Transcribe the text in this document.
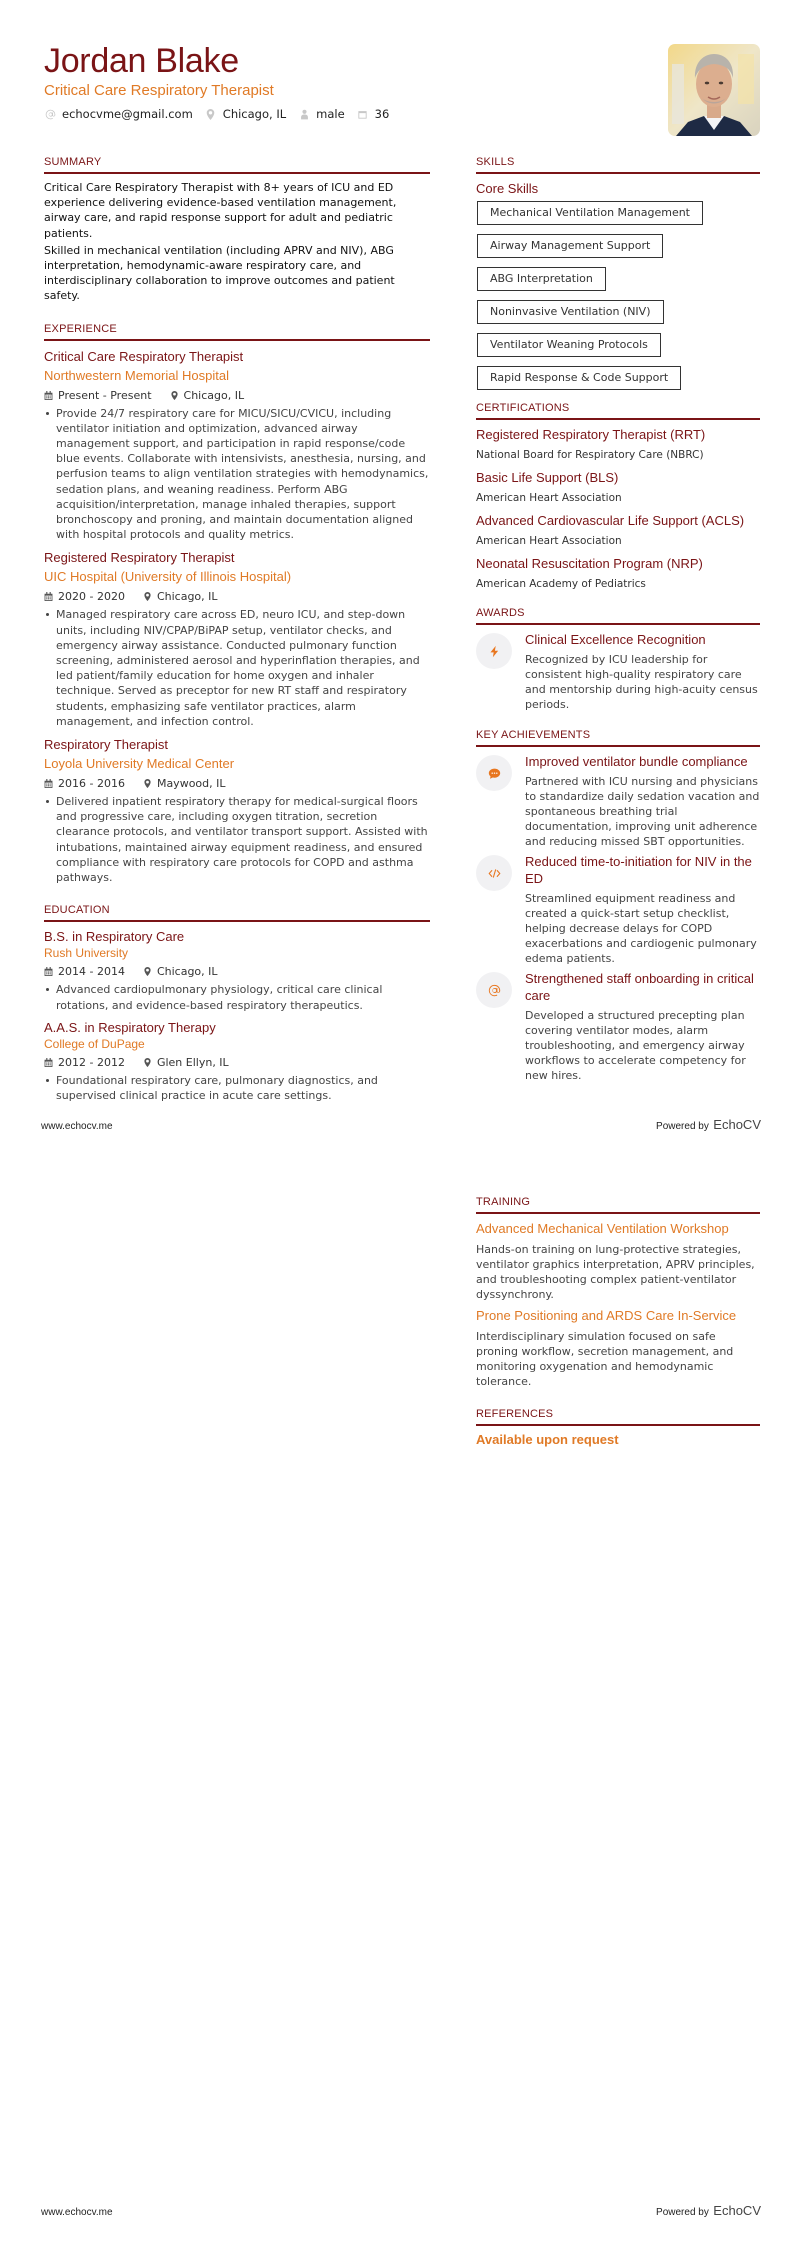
Jordan Blake
Critical Care Respiratory Therapist
echocvme@gmail.com	Chicago, IL	male	36
SUMMARY

Critical Care Respiratory Therapist with 8+ years of ICU and ED experience delivering evidence-based ventilation management, airway care, and rapid response support for adult and pediatric patients.

Skilled in mechanical ventilation (including APRV and NIV), ABG interpretation, hemodynamic-aware respiratory care, and interdisciplinary collaboration to improve outcomes and patient safety.

EXPERIENCE
Critical Care Respiratory Therapist
Northwestern Memorial Hospital
Present - Present	Chicago, IL
Provide 24/7 respiratory care for MICU/SICU/CVICU, including ventilator initiation and optimization, advanced airway management support, and participation in rapid response/code blue events. Collaborate with intensivists, anesthesia, nursing, and perfusion teams to align ventilation strategies with hemodynamics, sedation plans, and weaning readiness. Perform ABG acquisition/interpretation, manage inhaled therapies, support bronchoscopy and proning, and maintain documentation aligned with hospital protocols and quality metrics.
Registered Respiratory Therapist
UIC Hospital (University of Illinois Hospital)
2020 - 2020	Chicago, IL
Managed respiratory care across ED, neuro ICU, and step-down units, including NIV/CPAP/BiPAP setup, ventilator checks, and emergency airway assistance. Conducted pulmonary function screening, administered aerosol and hyperinflation therapies, and led patient/family education for home oxygen and inhaler technique. Served as preceptor for new RT staff and respiratory students, emphasizing safe ventilator practices, alarm management, and infection control.
Respiratory Therapist
Loyola University Medical Center
2016 - 2016	Maywood, IL
Delivered inpatient respiratory therapy for medical-surgical floors and progressive care, including oxygen titration, secretion clearance protocols, and ventilator transport support. Assisted with intubations, maintained airway equipment readiness, and ensured compliance with respiratory care protocols for COPD and asthma pathways.
EDUCATION
B.S. in Respiratory Care
Rush University
2014 - 2014	Chicago, IL
Advanced cardiopulmonary physiology, critical care clinical rotations, and evidence-based respiratory therapeutics.
A.A.S. in Respiratory Therapy
College of DuPage
2012 - 2012	Glen Ellyn, IL
Foundational respiratory care, pulmonary diagnostics, and supervised clinical practice in acute care settings.
SKILLS
Core Skills
Mechanical Ventilation Management
Airway Management Support
ABG Interpretation
Noninvasive Ventilation (NIV)
Ventilator Weaning Protocols
Rapid Response & Code Support
CERTIFICATIONS
Registered Respiratory Therapist (RRT)
National Board for Respiratory Care (NBRC)
Basic Life Support (BLS)
American Heart Association
Advanced Cardiovascular Life Support (ACLS)
American Heart Association
Neonatal Resuscitation Program (NRP)
American Academy of Pediatrics
AWARDS
Clinical Excellence Recognition
Recognized by ICU leadership for consistent high-quality respiratory care and mentorship during high-acuity census periods.
KEY ACHIEVEMENTS
Improved ventilator bundle compliance
Partnered with ICU nursing and physicians to standardize daily sedation vacation and spontaneous breathing trial documentation, improving unit adherence and reducing missed SBT opportunities.
Reduced time-to-initiation for NIV in the ED
Streamlined equipment readiness and created a quick-start setup checklist, helping decrease delays for COPD exacerbations and cardiogenic pulmonary edema patients.
Strengthened staff onboarding in critical care
Developed a structured precepting plan covering ventilator modes, alarm troubleshooting, and emergency airway workflows to accelerate competency for new hires.
www.echocv.me	Powered by EchoCV
TRAINING
Advanced Mechanical Ventilation Workshop
Hands-on training on lung-protective strategies, ventilator graphics interpretation, APRV principles, and troubleshooting complex patient-ventilator dyssynchrony.
Prone Positioning and ARDS Care In-Service
Interdisciplinary simulation focused on safe proning workflow, secretion management, and monitoring oxygenation and hemodynamic tolerance.
REFERENCES
Available upon request
www.echocv.me	Powered by EchoCV
